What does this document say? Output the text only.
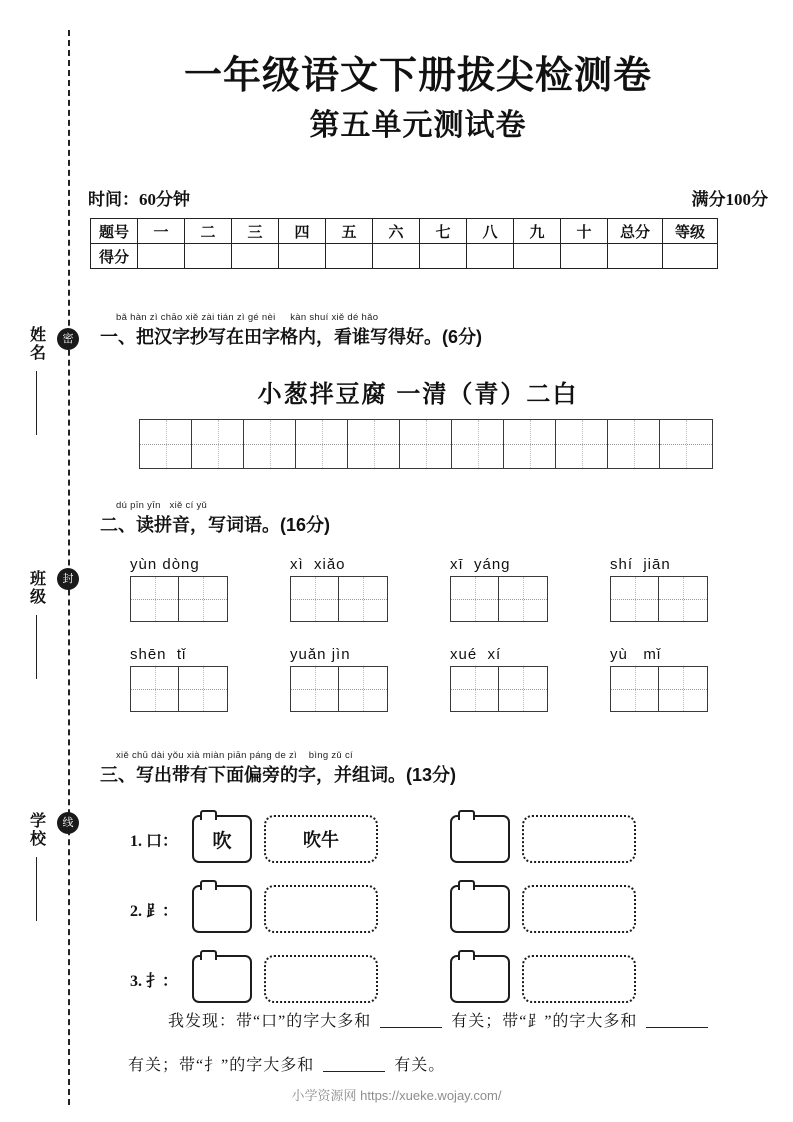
密
封
线
姓名
班级
学校
一年级语文下册拔尖检测卷
第五单元测试卷
时间：60分钟	满分100分
题号	一	二	三	四	五	六	七	八	九	十	总分	等级
得分												
bǎ hàn zì chāo xiě zài tián zì gé nèi     kàn shuí xiě dé hǎo
一、把汉字抄写在田字格内，看谁写得好。(6分)
小葱拌豆腐 一清（青）二白
dú pīn yīn   xiě cí yǔ
二、读拼音，写词语。(16分)
yùn dòng	xì  xiǎo	xī  yáng	shí  jiān
shēn  tǐ	yuǎn jìn	xué  xí	yù   mǐ
xiě chū dài yǒu xià miàn piān páng de zì    bìng zǔ cí
三、写出带有下面偏旁的字，并组词。(13分)
1. 口：	吹	吹牛
2. ⻊：
3. 扌：
我发现：带“口”的字大多和	有关；带“⻊”的字大多和
有关；带“扌”的字大多和	有关。
小学资源网 https://xueke.wojay.com/
